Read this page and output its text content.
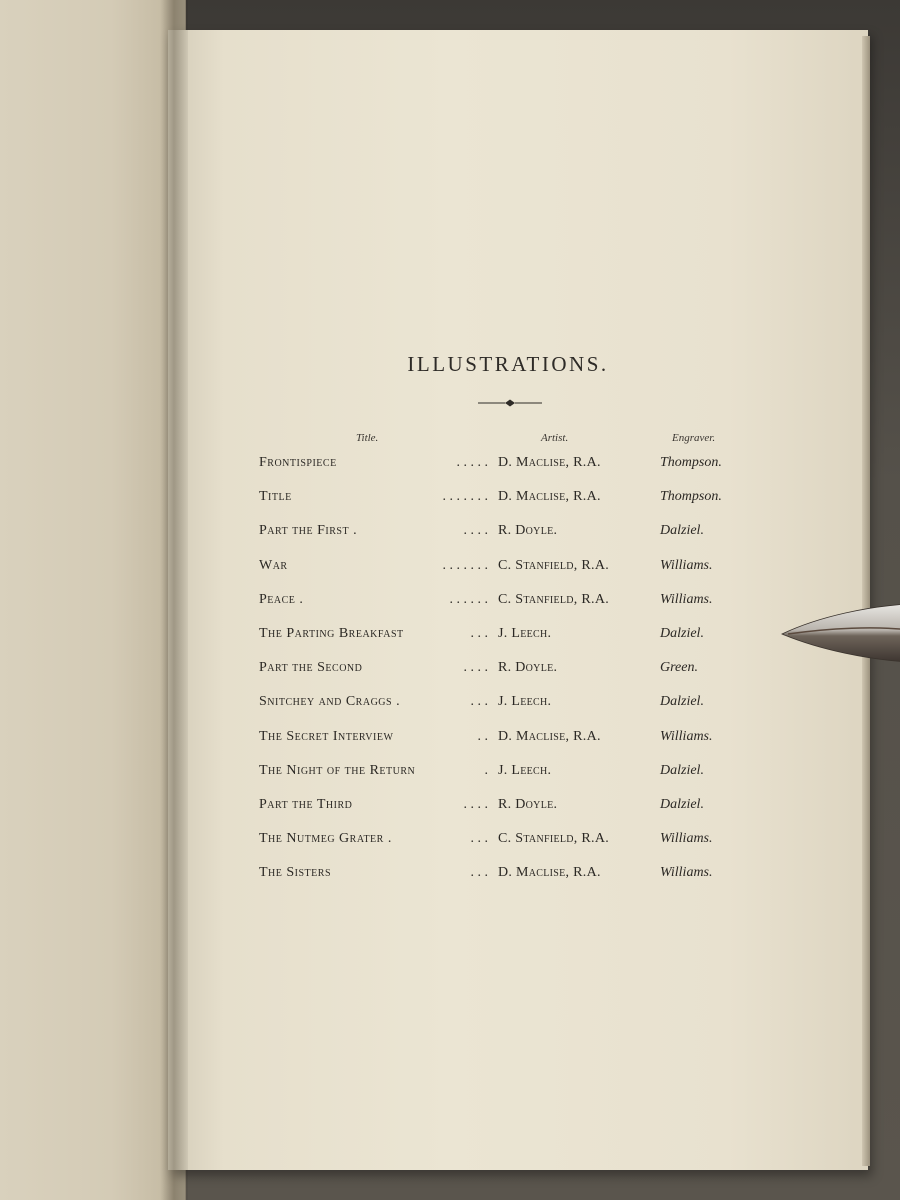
ILLUSTRATIONS.
Title.	Artist.	Engraver.
Frontispiece	. . . . . D. Maclise, R.A.	Thompson.
Title	. . . . . . . D. Maclise, R.A.	Thompson.
Part the First .	. . . . R. Doyle.	Dalziel.
War	. . . . . . . C. Stanfield, R.A.	Williams.
Peace .	. . . . . . C. Stanfield, R.A.	Williams.
The Parting Breakfast	. . . J. Leech.	Dalziel.
Part the Second	. . . . R. Doyle.	Green.
Snitchey and Craggs .	. . . J. Leech.	Dalziel.
The Secret Interview	. . D. Maclise, R.A.	Williams.
The Night of the Return	. J. Leech.	Dalziel.
Part the Third	. . . . R. Doyle.	Dalziel.
The Nutmeg Grater .	. . . C. Stanfield, R.A.	Williams.
The Sisters	. . . D. Maclise, R.A.	Williams.
